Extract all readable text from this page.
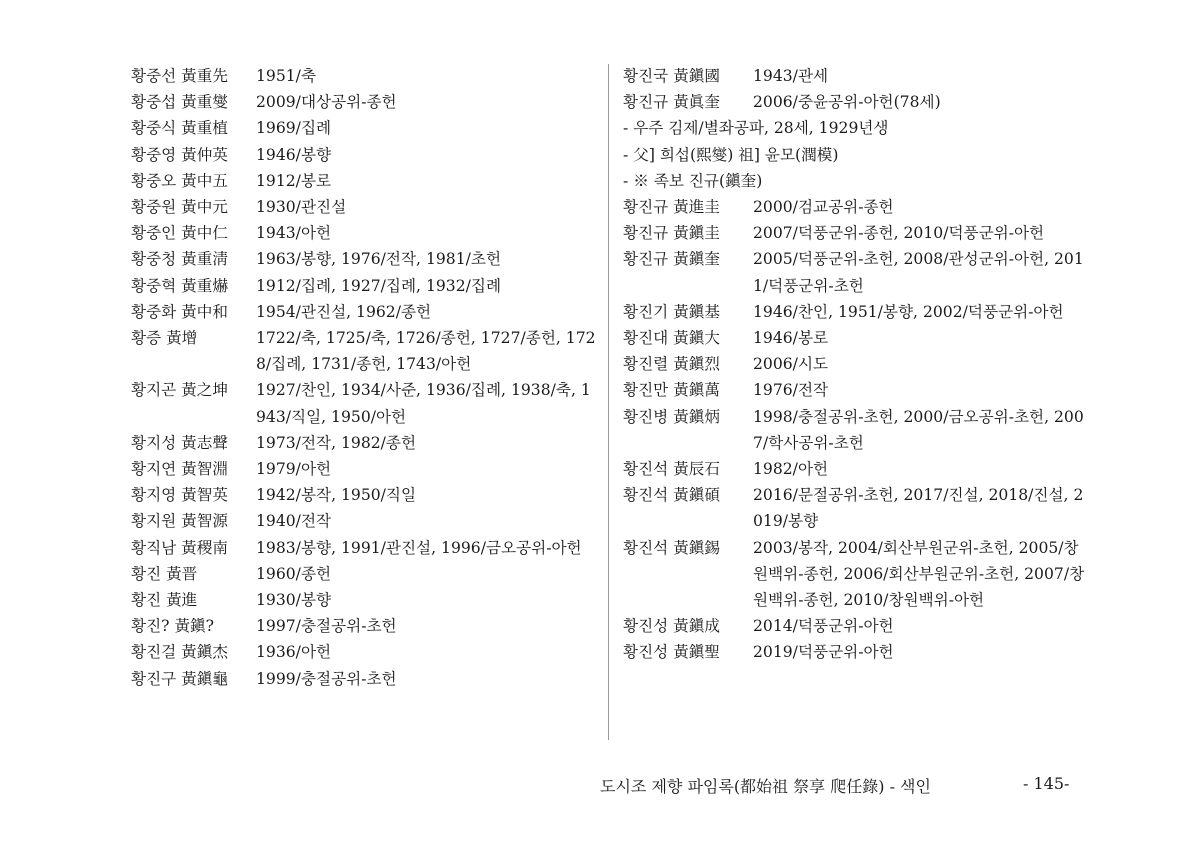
황중선 黃重先	1951/축
황중섭 黃重燮	2009/대상공위-종헌
황중식 黃重植	1969/집례
황중영 黃仲英	1946/봉향
황중오 黃中五	1912/봉로
황중원 黃中元	1930/관진설
황중인 黃中仁	1943/아헌
황중청 黃重淸	1963/봉향, 1976/전작, 1981/초헌
황중혁 黃重爀	1912/집례, 1927/집례, 1932/집례
황중화 黃中和	1954/관진설, 1962/종헌
황증 黃增	1722/축, 1725/축, 1726/종헌, 1727/종헌, 1728/집례, 1731/종헌, 1743/아헌
황지곤 黃之坤	1927/찬인, 1934/사준, 1936/집례, 1938/축, 1943/직일, 1950/아헌
황지성 黃志聲	1973/전작, 1982/종헌
황지연 黃智淵	1979/아헌
황지영 黃智英	1942/봉작, 1950/직일
황지원 黃智源	1940/전작
황직남 黃稷南	1983/봉향, 1991/관진설, 1996/금오공위-아헌
황진 黃晋	1960/종헌
황진 黃進	1930/봉향
황진? 黃鎭?	1997/충절공위-초헌
황진걸 黃鎭杰	1936/아헌
황진구 黃鎭龜	1999/충절공위-초헌
황진국 黃鎭國	1943/관세
황진규 黃眞奎	2006/중윤공위-아헌(78세)
- 우주 김제/별좌공파, 28세, 1929년생
- 父] 희섭(熙燮) 祖] 윤모(潤模)
- ※ 족보 진규(鎭奎)
황진규 黃進圭	2000/검교공위-종헌
황진규 黃鎭圭	2007/덕풍군위-종헌, 2010/덕풍군위-아헌
황진규 黃鎭奎	2005/덕풍군위-초헌, 2008/관성군위-아헌, 2011/덕풍군위-초헌
황진기 黃鎭基	1946/찬인, 1951/봉향, 2002/덕풍군위-아헌
황진대 黃鎭大	1946/봉로
황진렬 黃鎭烈	2006/시도
황진만 黃鎭萬	1976/전작
황진병 黃鎭炳	1998/충절공위-초헌, 2000/금오공위-초헌, 2007/학사공위-초헌
황진석 黃辰石	1982/아헌
황진석 黃鎭碩	2016/문절공위-초헌, 2017/진설, 2018/진설, 2019/봉향
황진석 黃鎭錫	2003/봉작, 2004/회산부원군위-초헌, 2005/창원백위-종헌, 2006/회산부원군위-초헌, 2007/창원백위-종헌, 2010/창원백위-아헌
황진성 黃鎭成	2014/덕풍군위-아헌
황진성 黃鎭聖	2019/덕풍군위-아헌
도시조 제향 파임록(都始祖 祭享 爬任錄) - 색인	- 145-
